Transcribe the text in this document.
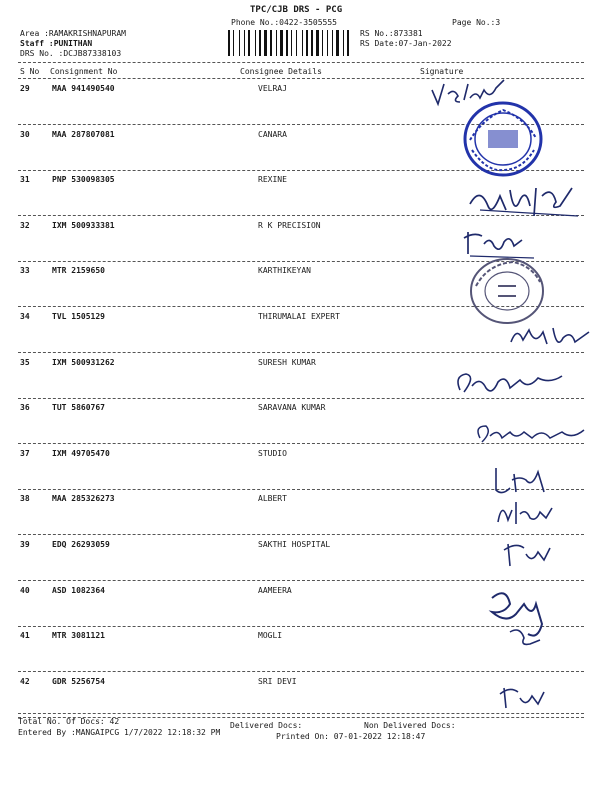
TPC/CJB DRS - PCG
Phone No.:0422-3505555	Page No.:3
Area :RAMAKRISHNAPURAM
Staff :PUNITHAN
DRS No. :DCJB87338103
RS No.:873381
RS Date:07-Jan-2022
S No Consignment No	Consignee Details	Signature
29	MAA 941490540	VELRAJ
30	MAA 287807081	CANARA
31	PNP 530098305	REXINE
32	IXM 500933381	R K PRECISION
33	MTR 2159650	KARTHIKEYAN
34	TVL 1505129	THIRUMALAI EXPERT
35	IXM 500931262	SURESH KUMAR
36	TUT 5860767	SARAVANA KUMAR
37	IXM 49705470	STUDIO
38	MAA 285326273	ALBERT
39	EDQ 26293059	SAKTHI HOSPITAL
40	ASD 1082364	AAMEERA
41	MTR 3081121	MOGLI
42	GDR 5256754	SRI DEVI
Total No. Of Docs: 42	Delivered Docs:	Non Delivered Docs:
Entered By :MANGAIPCG 1/7/2022 12:18:32 PM	Printed On: 07-01-2022 12:18:47
